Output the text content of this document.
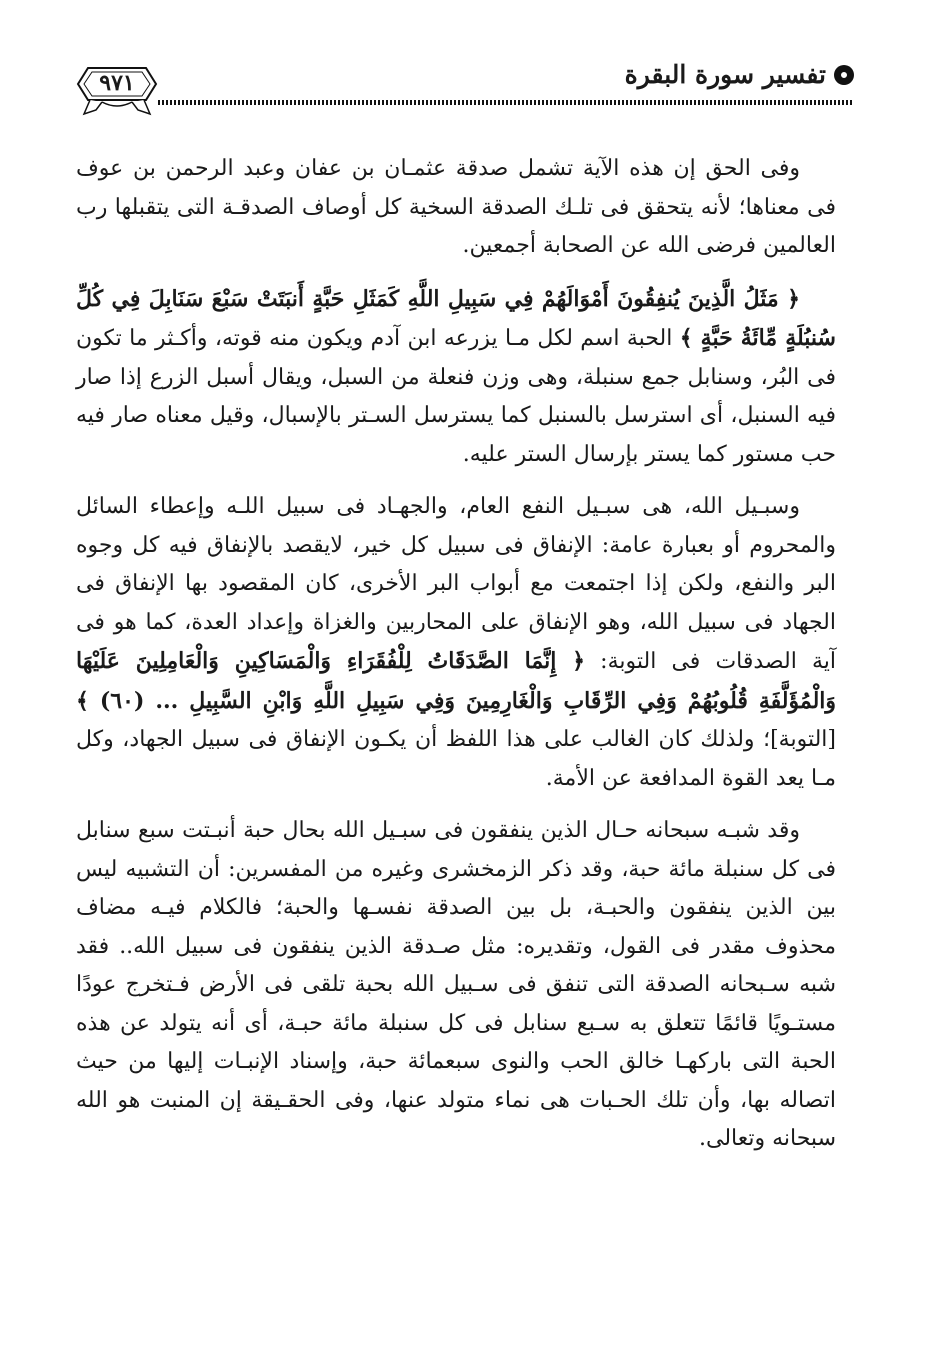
تفسير سورة البقرة
٩٧١

وفى الحق إن هذه الآية تشمل صدقة عثمـان بن عفان وعبد الرحمن بن عوف فى معناها؛ لأنه يتحقق فى تلـك الصدقة السخية كل أوصاف الصدقـة التى يتقبلها رب العالمين فرضى الله عن الصحابة أجمعين.

﴿ مَثَلُ الَّذِينَ يُنفِقُونَ أَمْوَالَهُمْ فِي سَبِيلِ اللَّهِ كَمَثَلِ حَبَّةٍ أَنبَتَتْ سَبْعَ سَنَابِلَ فِي كُلِّ سُنبُلَةٍ مِّائَةُ حَبَّةٍ ﴾ الحبة اسم لكل مـا يزرعه ابن آدم ويكون منه قوته، وأكـثر ما تكون فى البُر، وسنابل جمع سنبلة، وهى وزن فنعلة من السبل، ويقال أسبل الزرع إذا صار فيه السنبل، أى استرسل بالسنبل كما يسترسل السـتر بالإسبال، وقيل معناه صار فيه حب مستور كما يستر بإرسال الستر عليه.

وسبـيل الله، هى سبـيل النفع العام، والجهـاد فى سبيل اللـه وإعطاء السائل والمحروم أو بعبارة عامة: الإنفاق فى سبيل كل خير، لايقصد بالإنفاق فيه كل وجوه البر والنفع، ولكن إذا اجتمعت مع أبواب البر الأخرى، كان المقصود بها الإنفاق فى الجهاد فى سبيل الله، وهو الإنفاق على المحاربين والغزاة وإعداد العدة، كما هو فى آية الصدقات فى التوبة: ﴿ إِنَّمَا الصَّدَقَاتُ لِلْفُقَرَاءِ وَالْمَسَاكِينِ وَالْعَامِلِينَ عَلَيْهَا وَالْمُؤَلَّفَةِ قُلُوبُهُمْ وَفِي الرِّقَابِ وَالْغَارِمِينَ وَفِي سَبِيلِ اللَّهِ وَابْنِ السَّبِيلِ ... (٦٠) ﴾ [التوبة]؛ ولذلك كان الغالب على هذا اللفظ أن يكـون الإنفاق فى سبيل الجهاد، وكل مـا يعد القوة المدافعة عن الأمة.

وقد شبـه سبحانه حـال الذين ينفقون فى سبـيل الله بحال حبة أنبـتت سبع سنابل فى كل سنبلة مائة حبة، وقد ذكر الزمخشرى وغيره من المفسرين: أن التشبيه ليس بين الذين ينفقون والحبـة، بل بين الصدقة نفسـها والحبة؛ فالكلام فيـه مضاف محذوف مقدر فى القول، وتقديره: مثل صـدقة الذين ينفقون فى سبيل الله.. فقد شبه سـبحانه الصدقة التى تنفق فى سـبيل الله بحبة تلقى فى الأرض فـتخرج عودًا مستـويًا قائمًا تتعلق به سـبع سنابل فى كل سنبلة مائة حبـة، أى أنه يتولد عن هذه الحبة التى باركهـا خالق الحب والنوى سبعمائة حبة، وإسناد الإنبـات إليها من حيث اتصاله بها، وأن تلك الحـبات هى نماء متولد عنها، وفى الحقـيقة إن المنبت هو الله سبحانه وتعالى.
